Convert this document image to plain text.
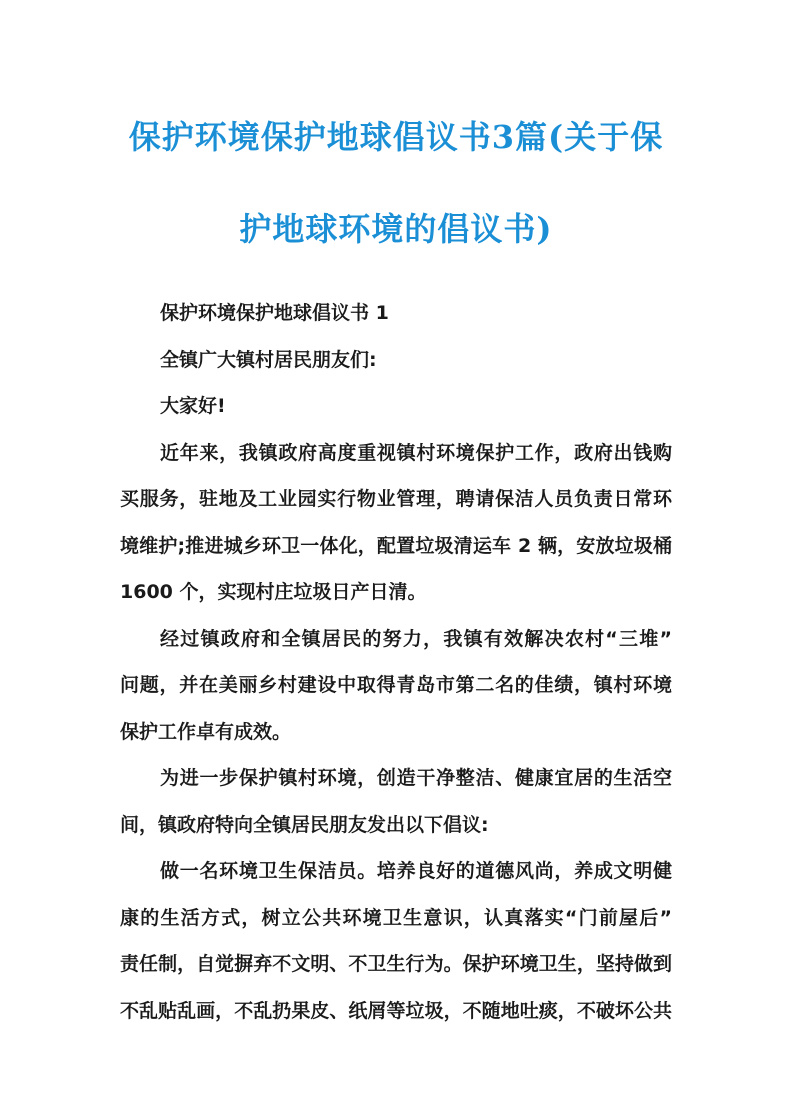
保护环境保护地球倡议书3篇(关于保
护地球环境的倡议书)
保护环境保护地球倡议书 1
全镇广大镇村居民朋友们:
大家好!
近年来，我镇政府高度重视镇村环境保护工作，政府出钱购
买服务，驻地及工业园实行物业管理，聘请保洁人员负责日常环
境维护;推进城乡环卫一体化，配置垃圾清运车 2 辆，安放垃圾桶
1600 个，实现村庄垃圾日产日清。
经过镇政府和全镇居民的努力，我镇有效解决农村“三堆”
问题，并在美丽乡村建设中取得青岛市第二名的佳绩，镇村环境
保护工作卓有成效。
为进一步保护镇村环境，创造干净整洁、健康宜居的生活空
间，镇政府特向全镇居民朋友发出以下倡议:
做一名环境卫生保洁员。培养良好的道德风尚，养成文明健
康的生活方式，树立公共环境卫生意识，认真落实“门前屋后”
责任制，自觉摒弃不文明、不卫生行为。保护环境卫生，坚持做到
不乱贴乱画，不乱扔果皮、纸屑等垃圾，不随地吐痰，不破坏公共
